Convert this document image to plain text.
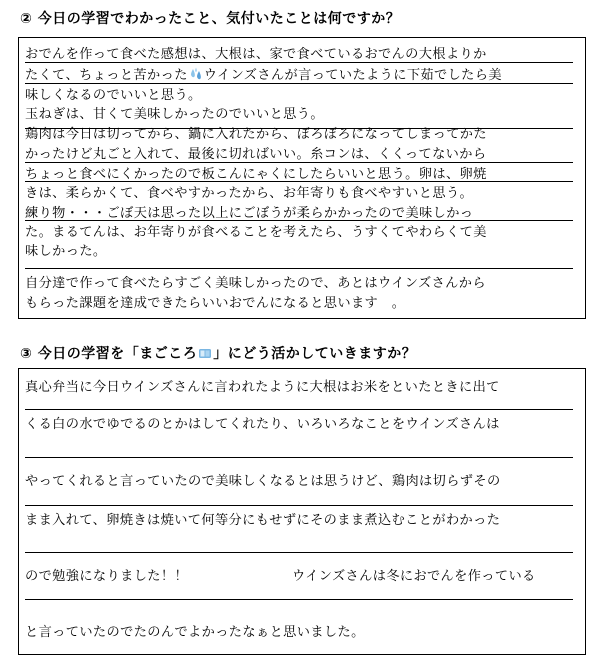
② 今日の学習でわかったこと、気付いたことは何ですか？
おでんを作って食べた感想は、大根は、家で食べているおでんの大根よりか
たくて、ちょっと苦かった ウインズさんが言っていたように下茹でしたら美
味しくなるのでいいと思う。
玉ねぎは、甘くて美味しかったのでいいと思う。
鶏肉は今日は切ってから、鍋に入れたから、ぼろぼろになってしまってかた
かったけど丸ごと入れて、最後に切ればいい。糸コンは、くくってないから
ちょっと食べにくかったので板こんにゃくにしたらいいと思う。卵は、卵焼
きは、柔らかくて、食べやすかったから、お年寄りも食べやすいと思う。
練り物・・・ごぼ天は思った以上にごぼうが柔らかかったので美味しかっ
た。まるてんは、お年寄りが食べることを考えたら、うすくてやわらくて美
味しかった。
自分達で作って食べたらすごく美味しかったので、あとはウインズさんから
もらった課題を達成できたらいいおでんになると思います　。
③ 今日の学習を「まごころ 」にどう活かしていきますか？
真心弁当に今日ウインズさんに言われたように大根はお米をといたときに出て
くる白の水でゆでるのとかはしてくれたり、いろいろなことをウインズさんは
やってくれると言っていたので美味しくなるとは思うけど、鶏肉は切らずその
まま入れて、卵焼きは焼いて何等分にもせずにそのまま煮込むことがわかった
ので勉強になりました！！	ウインズさんは冬におでんを作っている
と言っていたのでたのんでよかったなぁと思いました。
